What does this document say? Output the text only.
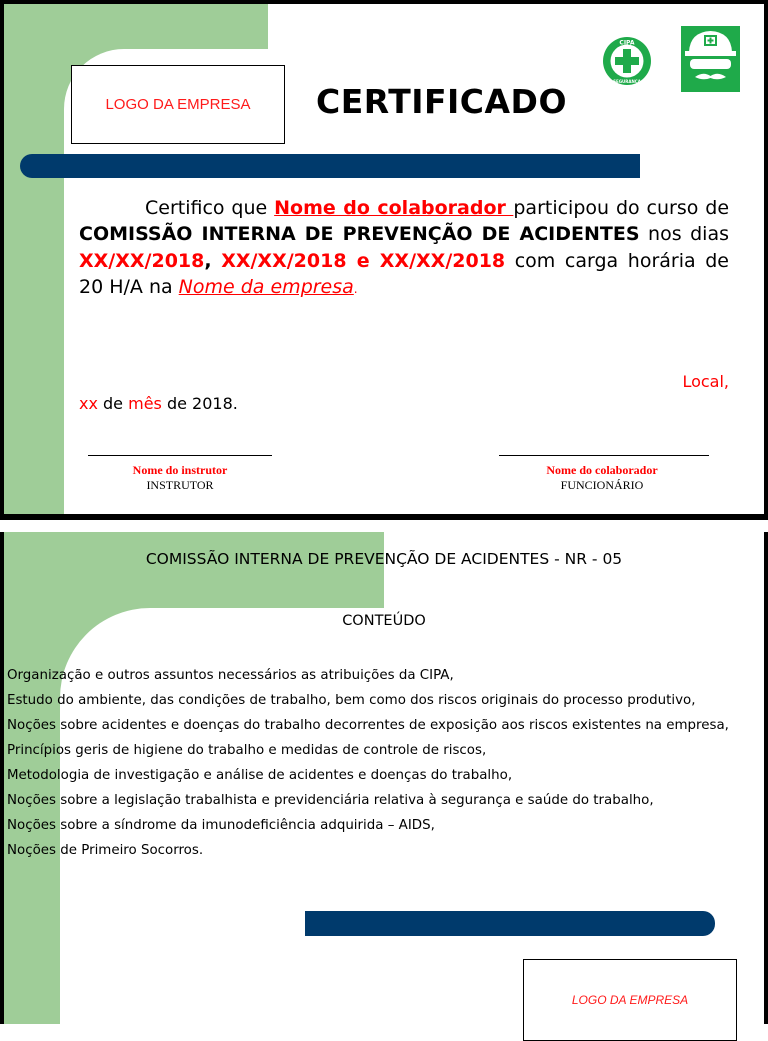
LOGO DA EMPRESA CERTIFICADO
CIPA
SEGURANÇA
Certifico que Nome do colaborador participou do curso de COMISSÃO INTERNA DE PREVENÇÃO DE ACIDENTES nos dias XX/XX/2018, XX/XX/2018 e XX/XX/2018 com carga horária de 20 H/A na Nome da empresa.
Local,
xx de mês de 2018.
Nome do instrutor
INSTRUTOR
Nome do colaborador
FUNCIONÁRIO
COMISSÃO INTERNA DE PREVENÇÃO DE ACIDENTES - NR - 05
CONTEÚDO
Organização e outros assuntos necessários as atribuições da CIPA,
Estudo do ambiente, das condições de trabalho, bem como dos riscos originais do processo produtivo,
Noções sobre acidentes e doenças do trabalho decorrentes de exposição aos riscos existentes na empresa,
Princípios geris de higiene do trabalho e medidas de controle de riscos,
Metodologia de investigação e análise de acidentes e doenças do trabalho,
Noções sobre a legislação trabalhista e previdenciária relativa à segurança e saúde do trabalho,
Noções sobre a síndrome da imunodeficiência adquirida – AIDS,
Noções de Primeiro Socorros.
LOGO DA EMPRESA
